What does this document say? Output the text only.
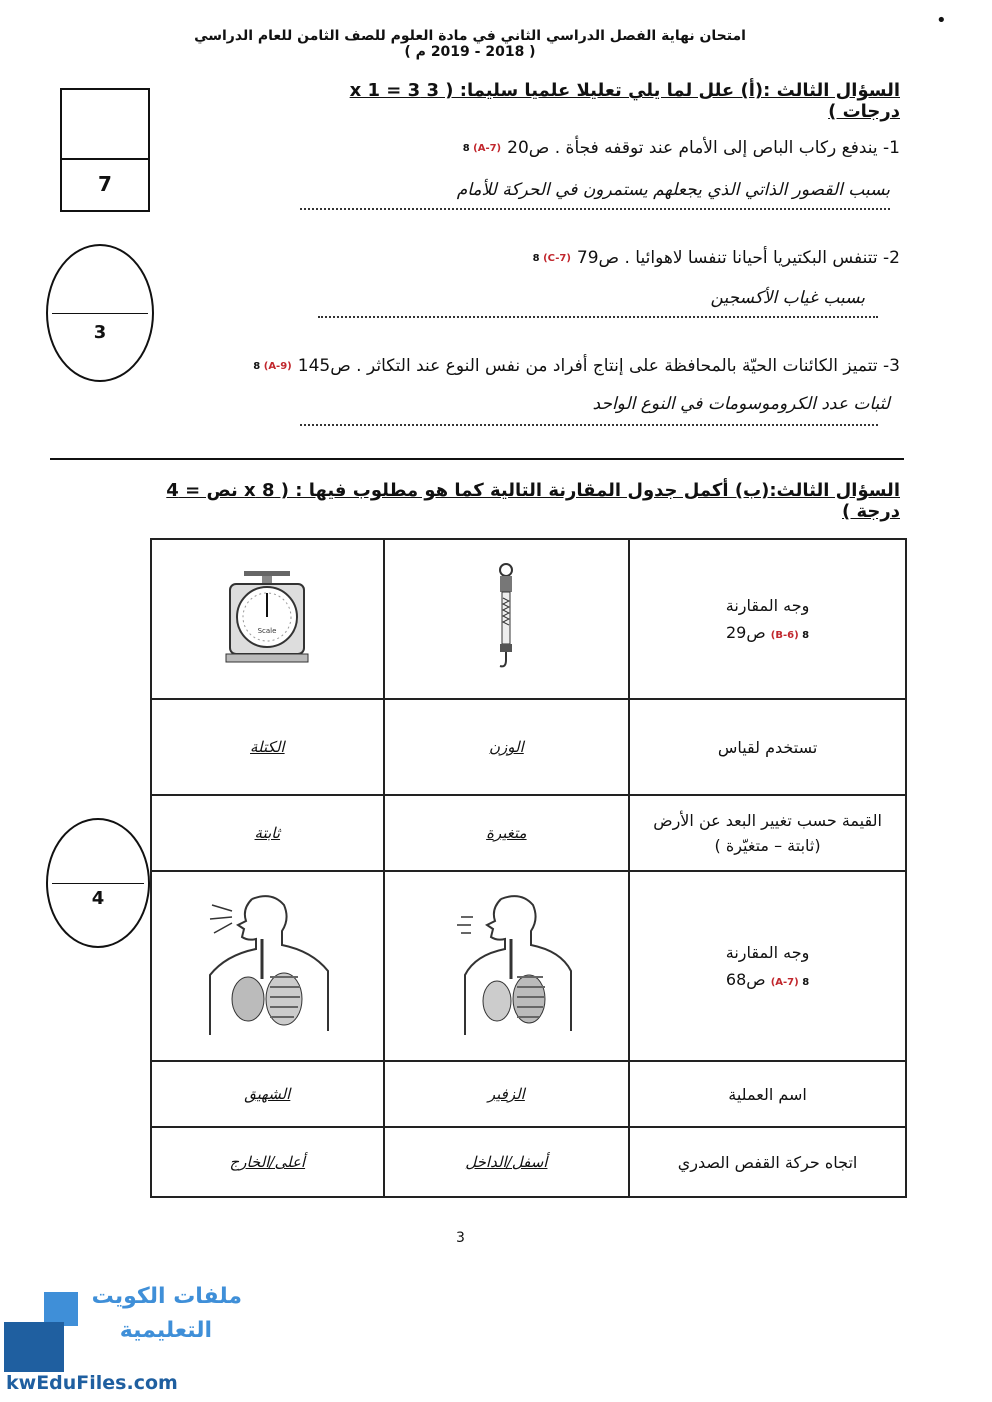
امتحان نهاية الفصل الدراسي الثاني في مادة العلوم للصف الثامن للعام الدراسي ( 2018 - 2019 م )
•
السؤال الثالث :(أ) علل لما يلي تعليلا علميا سليما: ( 3 x 1 = 3 درجات )
7
3
8 (A-7) 1- يندفع ركاب الباص إلى الأمام عند توقفه فجأة . ص20
بسبب القصور الذاتي الذي يجعلهم يستمرون في الحركة للأمام
8 (C-7) 2- تتنفس البكتيريا أحيانا تنفسا لاهوائيا . ص79
بسبب غياب الأكسجين
8 (A-9) 3- تتميز الكائنات الحيّة بالمحافظة على إنتاج أفراد من نفس النوع عند التكاثر . ص145
لثبات عدد الكروموسومات في النوع الواحد
السؤال الثالث:(ب) أكمل جدول المقارنة التالية كما هو مطلوب فيها : ( 8 x نص = 4 درجة )
4
Scale		وجه المقارنة
8 (B-6) ص29

الكتلة	الوزن	تستخدم لقياس
ثابتة	متغيرة	القيمة حسب تغيير البعد عن الأرض
(ثابتة – متغيّرة )

وجه المقارنة
8 (A-7) ص68

الشهيق	الزفير	اسم العملية
أعلى/الخارج	أسفل/الداخل	اتجاه حركة القفص الصدري
3
ملفات الكويت
التعليمية
kwEduFiles.com
